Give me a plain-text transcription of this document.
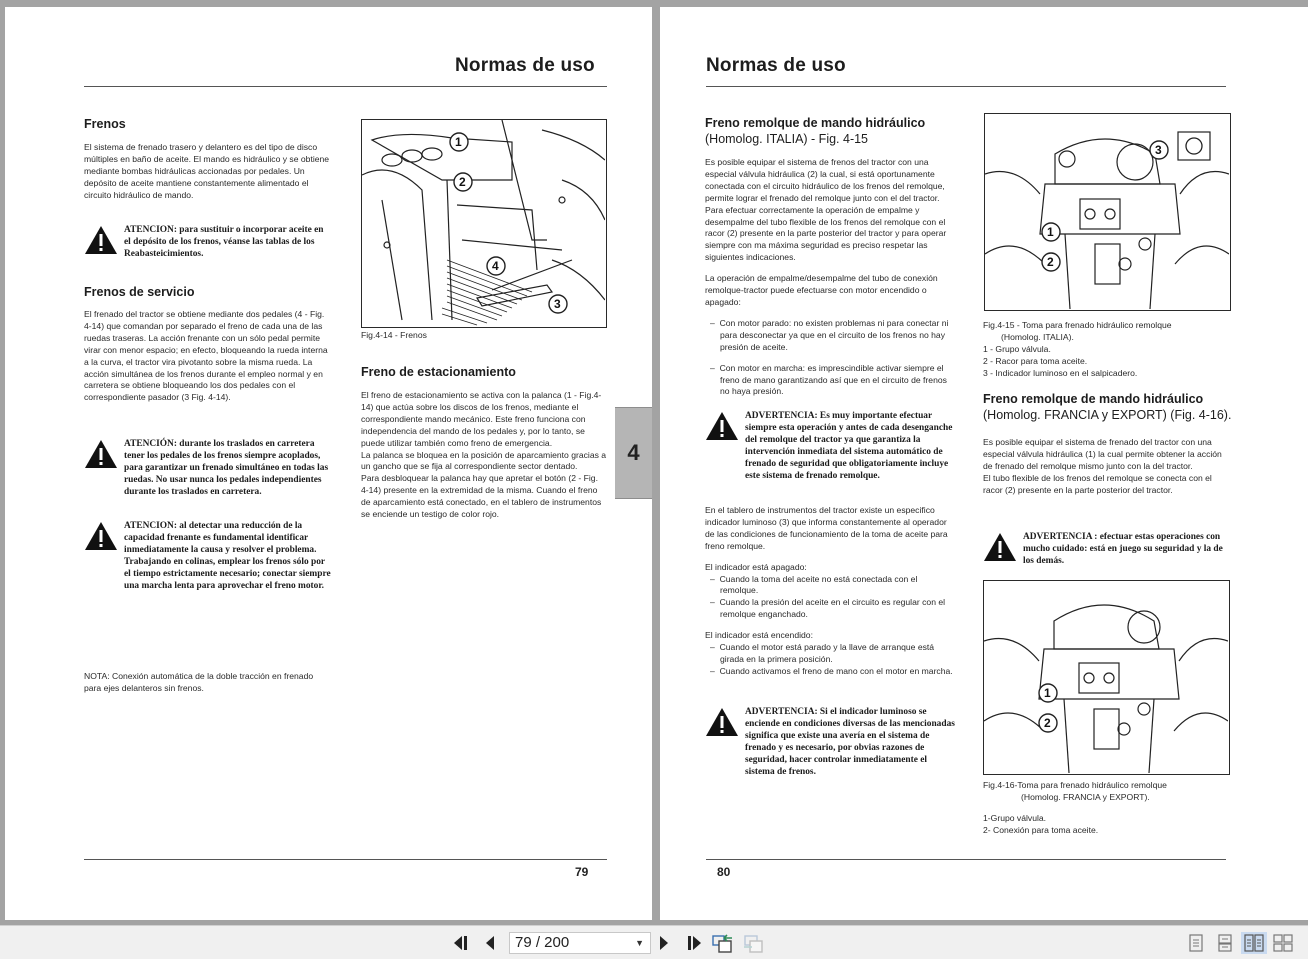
Normas de uso
Frenos

El sistema de frenado trasero y delantero es del tipo de disco múltiples en baño de aceite. El mando es hidráulico y se obtiene mediante bombas hidráulicas accionadas por pedales. Un depósito de aceite mantiene constantemente alimentado el circuito hidráulico de mando.

ATENCION: para sustituir o incorporar aceite en el depósito de los frenos, véanse las tablas de los Reabasteicimientos.
Frenos de servicio

El frenado del tractor se obtiene mediante dos pedales (4 - Fig. 4-14) que comandan por separado el freno de cada una de las ruedas traseras. La acción frenante con un sólo pedal permite virar con menor espacio; en efecto, bloqueando la rueda interna a la curva, el tractor vira pivotanto sobre la misma rueda. La acción simultánea de los frenos durante el empleo normal y en carretera se obtiene bloqueando los dos pedales con el correspondiente pasador (3 Fig. 4-14).

ATENCIÓN: durante los traslados en carretera tener los pedales de los frenos siempre acoplados, para garantizar un frenado simultáneo en todas las ruedas. No usar nunca los pedales independientes durante los traslados en carretera.
ATENCION: al detectar una reducción de la capacidad frenante es fundamental identificar inmediatamente la causa y resolver el problema. Trabajando en colinas, emplear los frenos sólo por el tiempo estrictamente necesario; conectar siempre una marcha lenta para aprovechar el freno motor.

NOTA: Conexión automática de la doble tracción en frenado para ejes delanteros sin frenos.

1
2
3
4
Fig.4-14 - Frenos
Freno de estacionamiento

El freno de estacionamiento se activa con la palanca (1 - Fig.4-14) que actúa sobre los discos de los frenos, mediante el correspondiente mando mecánico. Este freno funciona con independencia del mando de los pedales y, por lo tanto, se puede utilizar también como freno de emergencia.

La palanca se bloquea en la posición de aparcamiento gracias a un gancho que se fija al correspondiente sector dentado.

Para desbloquear la palanca hay que apretar el botón (2 - Fig. 4-14) presente en la extremidad de la misma. Cuando el freno de aparcamiento está conectado, en el tablero de instrumentos se enciende un testigo de color rojo.

79
4
Normas de uso
Freno remolque de mando hidráulico (Homolog. ITALIA) - Fig. 4-15

Es posible equipar el sistema de frenos del tractor con una especial válvula hidráulica (2) la cual, si está oportunamente conectada con el circuito hidráulico de los frenos del remolque, permite lograr el frenado del remolque junto con el del tractor.

Para efectuar correctamente la operación de empalme y desempalme del tubo flexible de los frenos del remolque con el racor (2) presente en la parte posterior del tractor y para operar siempre con ma máxima seguridad es preciso respetar las siguientes indicaciones.

La operación de empalme/desempalme del tubo de conexión remolque-tractor puede efectuarse con motor encendido o apagado:

–  Con motor parado: no existen problemas ni para conectar ni para desconectar ya que en el circuito de los frenos no hay presión de aceite.

–  Con motor en marcha: es imprescindible activar siempre el freno de mano garantizando así que en el circuito de frenos no haya presión.

ADVERTENCIA: Es muy importante efectuar siempre esta operación y antes de cada desenganche del remolque del tractor ya que garantiza la intervención inmediata del sistema automático de frenado de seguridad que obligatoriamente incluye este sistema de frenado remolque.

En el tablero de instrumentos del tractor existe un especifico indicador luminoso (3) que informa constantemente al operador de las condiciones de funcionamiento de la toma de aceite para freno remolque.

El indicador está apagado:

–  Cuando la toma del aceite no está conectada con el remolque.

–  Cuando la presión del aceite en el circuito es regular con el remolque enganchado.

El indicador está encendido:

–  Cuando el motor está parado y la llave de arranque está girada en la primera posición.

–  Cuando activamos el freno de mano con el motor en marcha.

ADVERTENCIA: Si el indicador luminoso se enciende en condiciones diversas de las mencionadas significa que existe una avería en el sistema de frenado y es necesario, por obvias razones de seguridad, hacer controlar inmediatamente el sistema de frenos.
1
2
3

Fig.4-15 - Toma para frenado hidráulico remolque

(Homolog. ITALIA).

1 - Grupo válvula.

2 - Racor para toma aceite.

3 - Indicador luminoso en el salpicadero.

Freno remolque de mando hidráulico (Homolog. FRANCIA y EXPORT) (Fig. 4-16).

Es posible equipar el sistema de frenado del tractor con una especial válvula hidráulica (1) la cual permite obtener la acción de frenado del remolque mismo junto con la del tractor.

El tubo flexible de los frenos del remolque se conecta con el racor (2) presente en la parte posterior del tractor.

ADVERTENCIA : efectuar estas operaciones con mucho cuidado: está en juego su seguridad y la de los demás.
1
2

Fig.4-16-Toma para frenado hidráulico remolque

(Homolog. FRANCIA y EXPORT).

1-Grupo válvula.

2- Conexión para toma aceite.

80
79 / 200	▼
